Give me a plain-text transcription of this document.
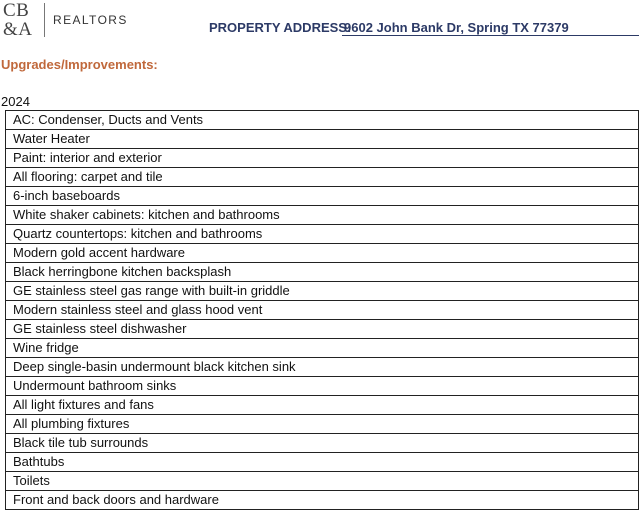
CB
&A REALTORS	PROPERTY ADDRESS:
9602 John Bank Dr, Spring TX 77379
Upgrades/Improvements:
2024
AC: Condenser, Ducts and Vents
Water Heater
Paint: interior and exterior
All flooring: carpet and tile
6-inch baseboards
White shaker cabinets: kitchen and bathrooms
Quartz countertops: kitchen and bathrooms
Modern gold accent hardware
Black herringbone kitchen backsplash
GE stainless steel gas range with built-in griddle
Modern stainless steel and glass hood vent
GE stainless steel dishwasher
Wine fridge
Deep single-basin undermount black kitchen sink
Undermount bathroom sinks
All light fixtures and fans
All plumbing fixtures
Black tile tub surrounds
Bathtubs
Toilets
Front and back doors and hardware
